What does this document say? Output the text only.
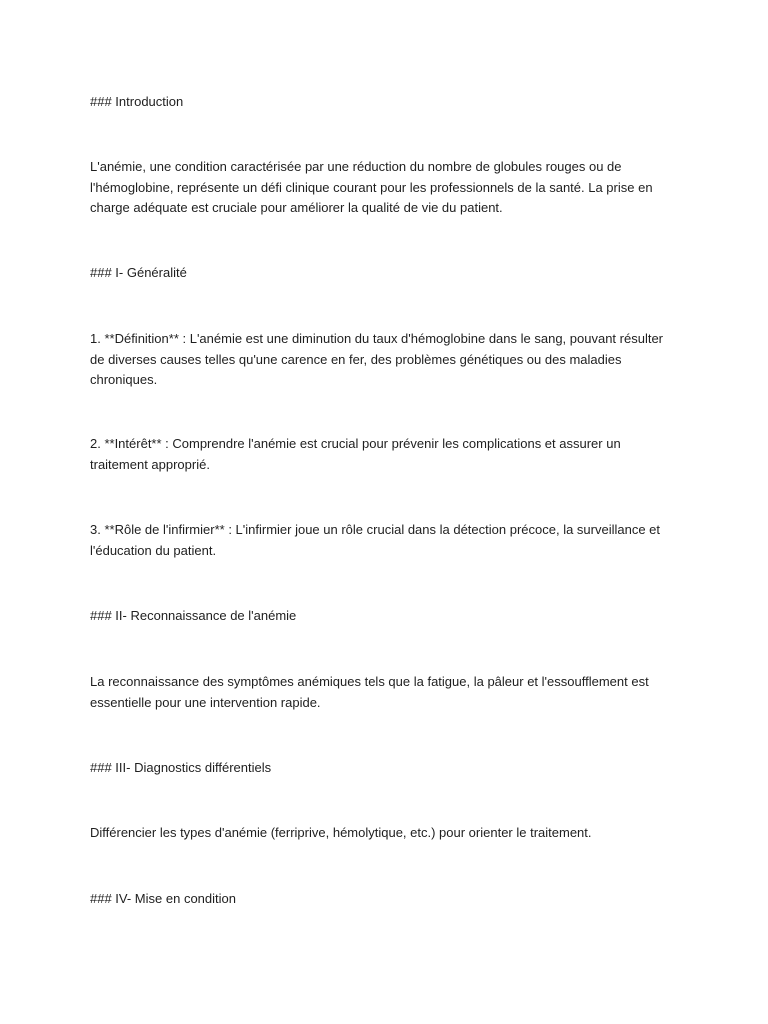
### Introduction

L'anémie, une condition caractérisée par une réduction du nombre de globules rouges ou de l'hémoglobine, représente un défi clinique courant pour les professionnels de la santé. La prise en charge adéquate est cruciale pour améliorer la qualité de vie du patient.

### I- Généralité

1. **Définition** : L'anémie est une diminution du taux d'hémoglobine dans le sang, pouvant résulter de diverses causes telles qu'une carence en fer, des problèmes génétiques ou des maladies chroniques.

2. **Intérêt** : Comprendre l'anémie est crucial pour prévenir les complications et assurer un traitement approprié.

3. **Rôle de l'infirmier** : L'infirmier joue un rôle crucial dans la détection précoce, la surveillance et l'éducation du patient.

### II- Reconnaissance de l'anémie

La reconnaissance des symptômes anémiques tels que la fatigue, la pâleur et l'essoufflement est essentielle pour une intervention rapide.

### III- Diagnostics différentiels

Différencier les types d'anémie (ferriprive, hémolytique, etc.) pour orienter le traitement.

### IV- Mise en condition
